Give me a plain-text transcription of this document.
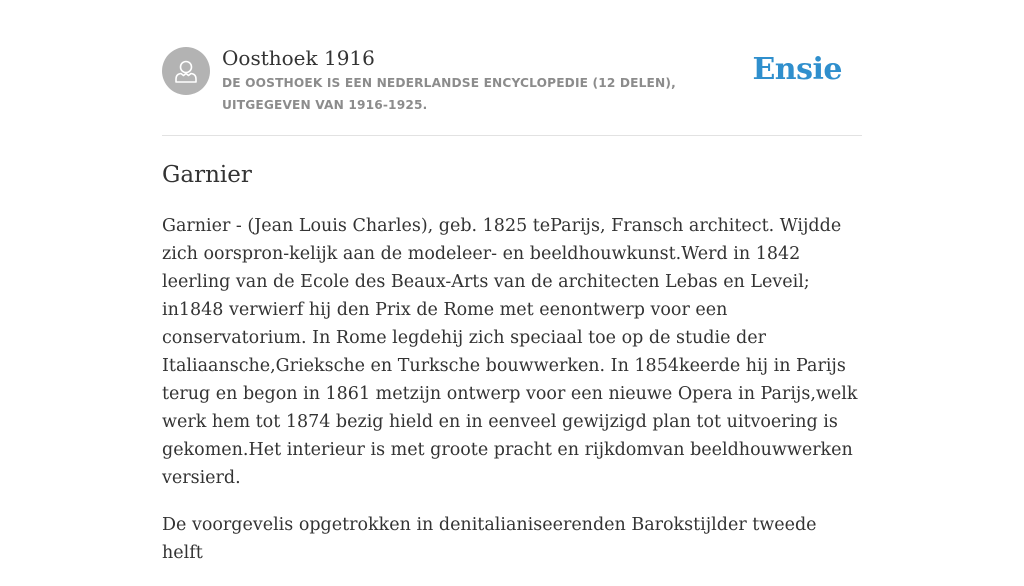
Oosthoek 1916
DE OOSTHOEK IS EEN NEDERLANDSE ENCYCLOPEDIE (12 DELEN), UITGEGEVEN VAN 1916-1925.
Ensie
Garnier

Garnier - (Jean Louis Charles), geb. 1825 teParijs, Fransch architect. Wijdde zich oorspron-kelijk aan de modeleer- en beeldhouwkunst.Werd in 1842 leerling van de Ecole des Beaux-Arts van de architecten Lebas en Leveil; in1848 verwierf hij den Prix de Rome met eenontwerp voor een conservatorium. In Rome legdehij zich speciaal toe op de studie der Italiaansche,Grieksche en Turksche bouwwerken. In 1854keerde hij in Parijs terug en begon in 1861 metzijn ontwerp voor een nieuwe Opera in Parijs,welk werk hem tot 1874 bezig hield en in eenveel gewijzigd plan tot uitvoering is gekomen.Het interieur is met groote pracht en rijkdomvan beeldhouwwerken versierd.

De voorgevelis opgetrokken in denitalianiseerenden Barokstijlder tweede helft
